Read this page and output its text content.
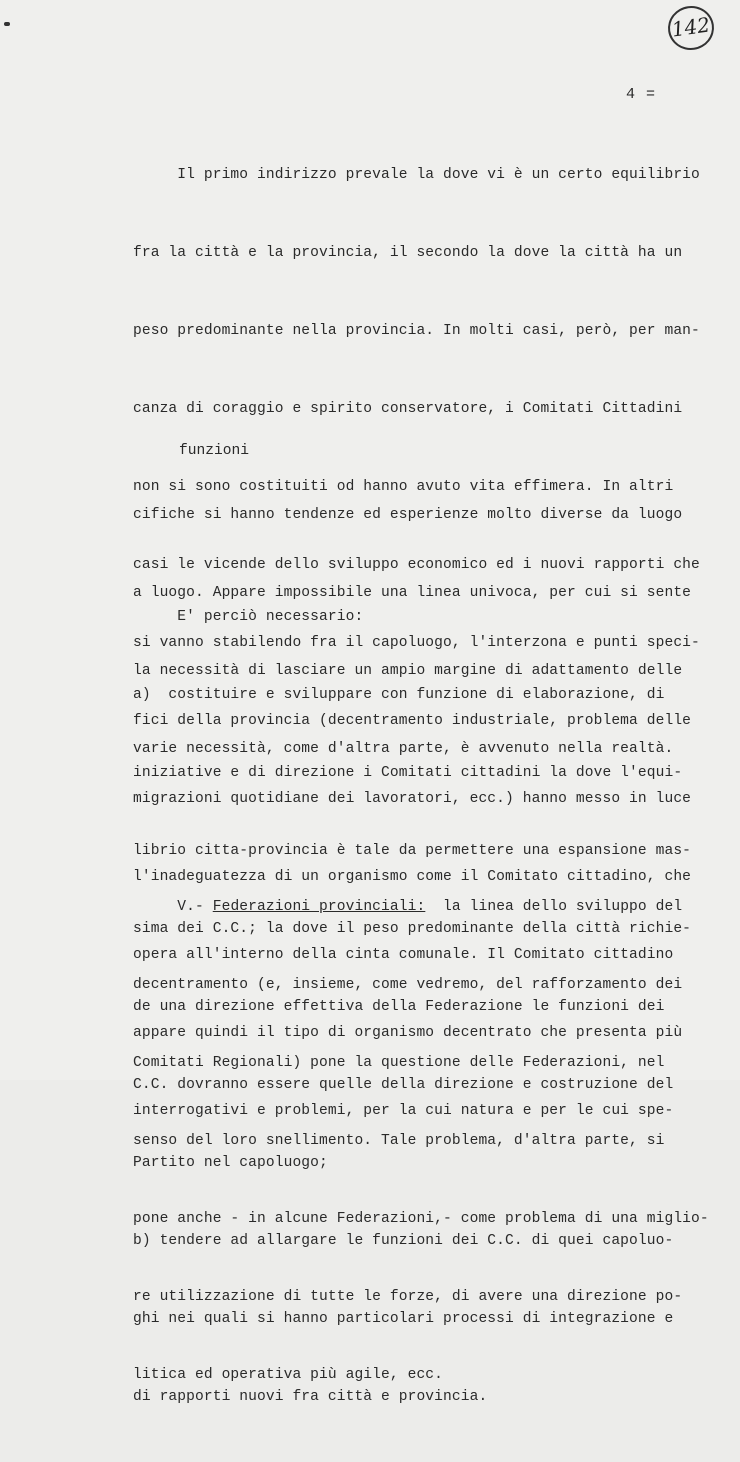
142
4 =

Il primo indirizzo prevale la dove vi è un certo equilibrio

fra la città e la provincia, il secondo la dove la città ha un

peso predominante nella provincia. In molti casi, però, per man-

canza di coraggio e spirito conservatore, i Comitati Cittadini

non si sono costituiti od hanno avuto vita effimera. In altri

casi le vicende dello sviluppo economico ed i nuovi rapporti che

si vanno stabilendo fra il capoluogo, l'interzona e punti speci-

fici della provincia (decentramento industriale, problema delle

migrazioni quotidiane dei lavoratori, ecc.) hanno messo in luce

l'inadeguatezza di un organismo come il Comitato cittadino, che

opera all'interno della cinta comunale. Il Comitato cittadino

appare quindi il tipo di organismo decentrato che presenta più

interrogativi e problemi, per la cui natura e per le cui spe-

funzioni

cifiche si hanno tendenze ed esperienze molto diverse da luogo

a luogo. Appare impossibile una linea univoca, per cui si sente

la necessità di lasciare un ampio margine di adattamento delle

varie necessità, come d'altra parte, è avvenuto nella realtà.

E' perciò necessario:

a)  costituire e sviluppare con funzione di elaborazione, di

iniziative e di direzione i Comitati cittadini la dove l'equi-

librio citta-provincia è tale da permettere una espansione mas-

sima dei C.C.; la dove il peso predominante della città richie-

de una direzione effettiva della Federazione le funzioni dei

C.C. dovranno essere quelle della direzione e costruzione del

Partito nel capoluogo;

b) tendere ad allargare le funzioni dei C.C. di quei capoluo-

ghi nei quali si hanno particolari processi di integrazione e

di rapporti nuovi fra città e provincia.

V.- Federazioni provinciali:  la linea dello sviluppo del

decentramento (e, insieme, come vedremo, del rafforzamento dei

Comitati Regionali) pone la questione delle Federazioni, nel

senso del loro snellimento. Tale problema, d'altra parte, si

pone anche - in alcune Federazioni,- come problema di una miglio-

re utilizzazione di tutte le forze, di avere una direzione po-

litica ed operativa più agile, ecc.
